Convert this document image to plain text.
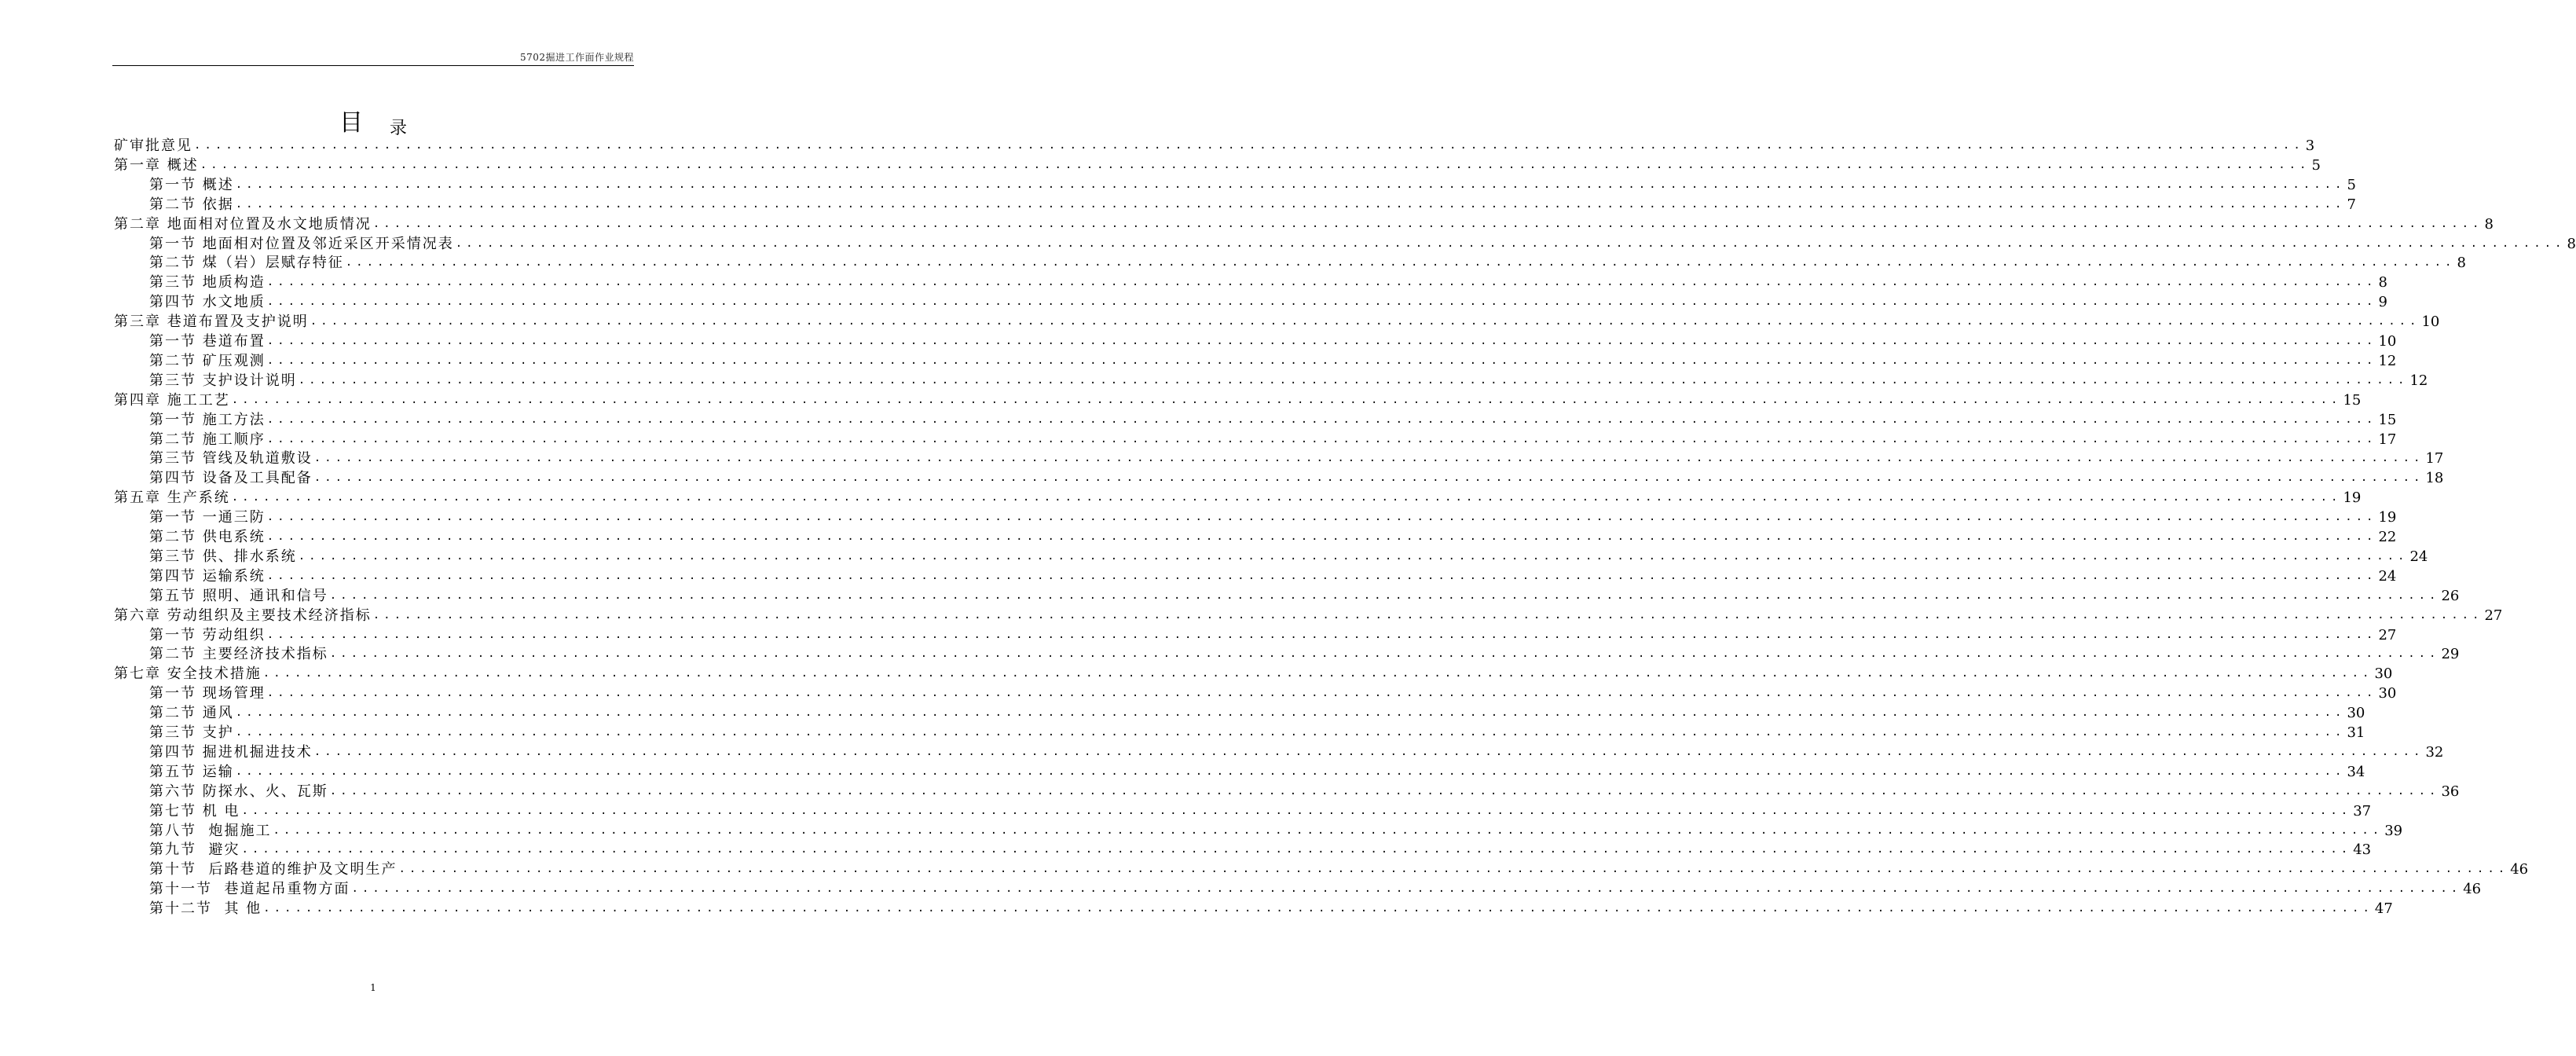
5702掘进工作面作业规程
目 录
矿审批意见 ........................................................................................................................................................................................................ 3
第一章 概述 ........................................................................................................................................................................................................ 5
第一节 概述 ........................................................................................................................................................................................................ 5
第二节 依据 ........................................................................................................................................................................................................ 7
第二章 地面相对位置及水文地质情况 ........................................................................................................................................................................................................ 8
第一节 地面相对位置及邻近采区开采情况表 ........................................................................................................................................................................................................ 8
第二节 煤（岩）层赋存特征 ........................................................................................................................................................................................................ 8
第三节 地质构造 ........................................................................................................................................................................................................ 8
第四节 水文地质 ........................................................................................................................................................................................................ 9
第三章 巷道布置及支护说明 ........................................................................................................................................................................................................ 10
第一节 巷道布置 ........................................................................................................................................................................................................ 10
第二节 矿压观测 ........................................................................................................................................................................................................ 12
第三节 支护设计说明 ........................................................................................................................................................................................................ 12
第四章 施工工艺 ........................................................................................................................................................................................................ 15
第一节 施工方法 ........................................................................................................................................................................................................ 15
第二节 施工顺序 ........................................................................................................................................................................................................ 17
第三节 管线及轨道敷设 ........................................................................................................................................................................................................ 17
第四节 设备及工具配备 ........................................................................................................................................................................................................ 18
第五章 生产系统 ........................................................................................................................................................................................................ 19
第一节 一通三防 ........................................................................................................................................................................................................ 19
第二节 供电系统 ........................................................................................................................................................................................................ 22
第三节 供、排水系统 ........................................................................................................................................................................................................ 24
第四节 运输系统 ........................................................................................................................................................................................................ 24
第五节 照明、通讯和信号 ........................................................................................................................................................................................................ 26
第六章 劳动组织及主要技术经济指标 ........................................................................................................................................................................................................ 27
第一节 劳动组织 ........................................................................................................................................................................................................ 27
第二节 主要经济技术指标 ........................................................................................................................................................................................................ 29
第七章 安全技术措施 ........................................................................................................................................................................................................ 30
第一节 现场管理 ........................................................................................................................................................................................................ 30
第二节 通风 ........................................................................................................................................................................................................ 30
第三节 支护 ........................................................................................................................................................................................................ 31
第四节 掘进机掘进技术 ........................................................................................................................................................................................................ 32
第五节 运输 ........................................................................................................................................................................................................ 34
第六节 防探水、火、瓦斯 ........................................................................................................................................................................................................ 36
第七节 机 电 ........................................................................................................................................................................................................ 37
第八节  炮掘施工 ........................................................................................................................................................................................................ 39
第九节  避灾 ........................................................................................................................................................................................................ 43
第十节  后路巷道的维护及文明生产 ........................................................................................................................................................................................................ 46
第十一节  巷道起吊重物方面 ........................................................................................................................................................................................................ 46
第十二节  其 他 ........................................................................................................................................................................................................ 47
1
